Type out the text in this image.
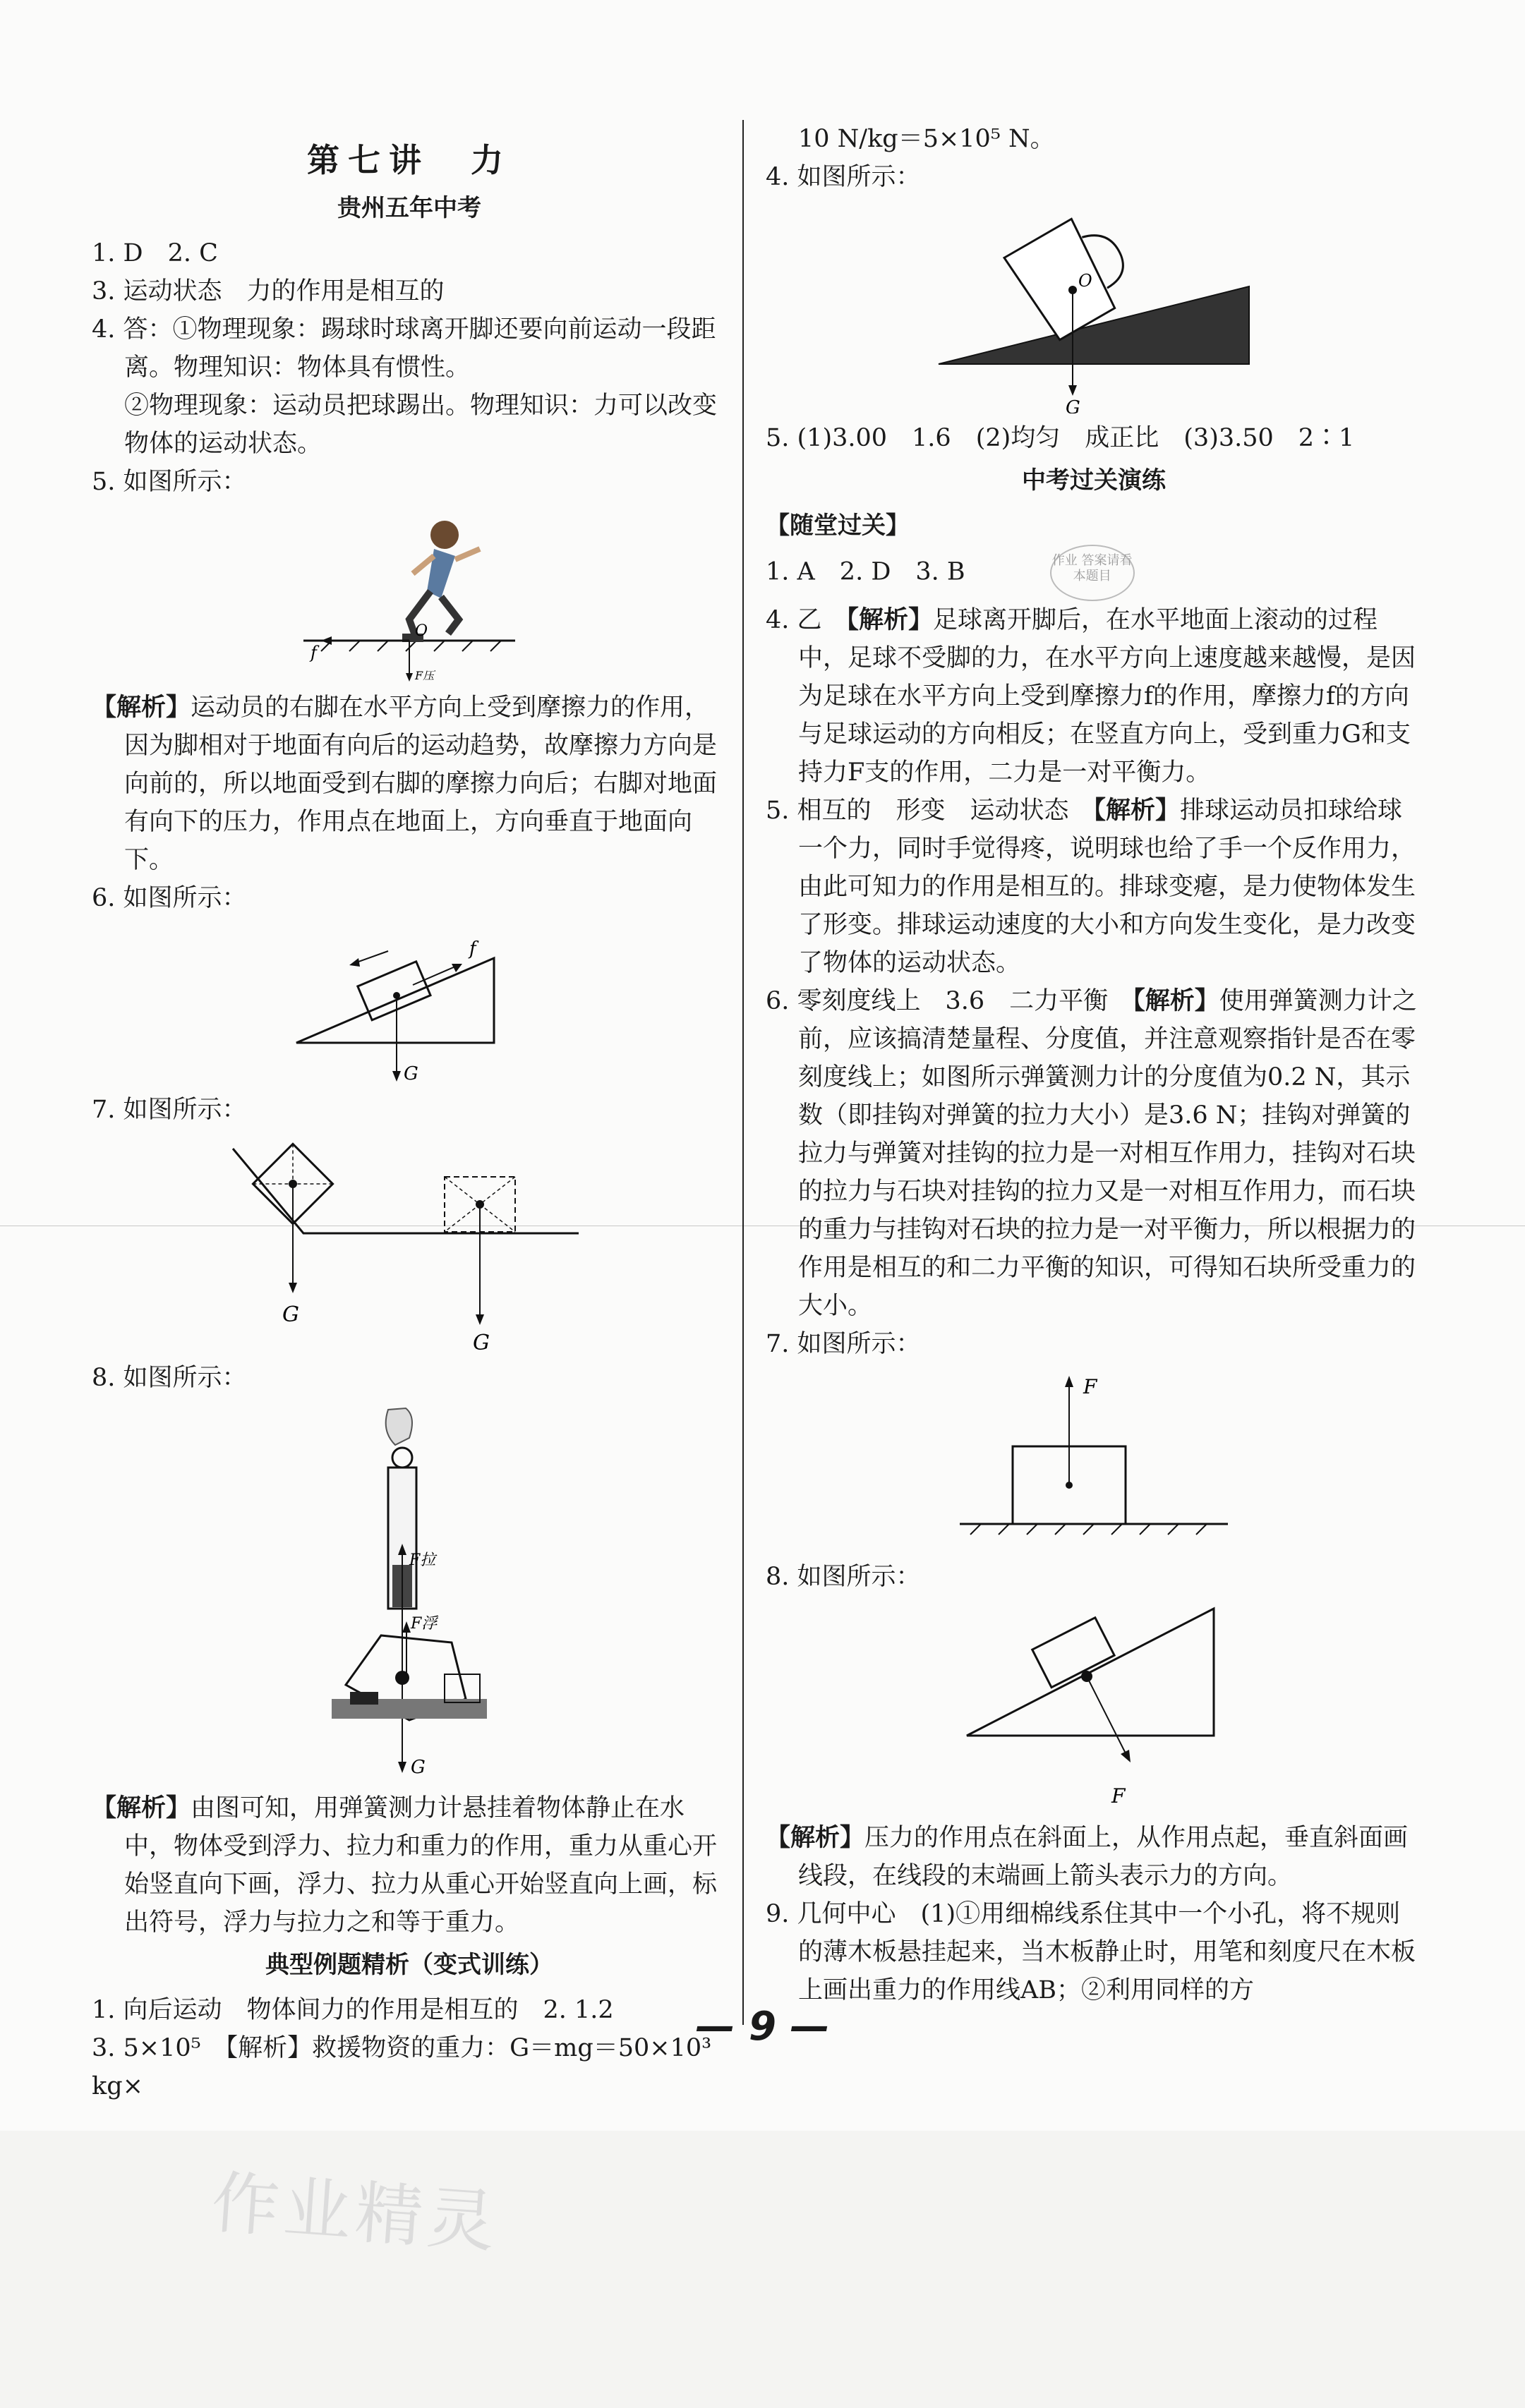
第七讲　力
贵州五年中考

1. D　2. C

3. 运动状态　力的作用是相互的

4. 答：①物理现象：踢球时球离开脚还要向前运动一段距离。物理知识：物体具有惯性。

②物理现象：运动员把球踢出。物理知识：力可以改变物体的运动状态。

5. 如图所示：

O
f
F压

【解析】运动员的右脚在水平方向上受到摩擦力的作用，因为脚相对于地面有向后的运动趋势，故摩擦力方向是向前的，所以地面受到右脚的摩擦力向后；右脚对地面有向下的压力，作用点在地面上，方向垂直于地面向下。

6. 如图所示：

f
G

7. 如图所示：

G
G

8. 如图所示：

F拉
F浮
G

【解析】由图可知，用弹簧测力计悬挂着物体静止在水中，物体受到浮力、拉力和重力的作用，重力从重心开始竖直向下画，浮力、拉力从重心开始竖直向上画，标出符号，浮力与拉力之和等于重力。

典型例题精析（变式训练）

1. 向后运动　物体间力的作用是相互的　2. 1.2

3. 5×10⁵　【解析】救援物资的重力：G＝mg＝50×10³ kg×

10 N/kg＝5×10⁵ N。

4. 如图所示：

O
G

5. (1)3.00　1.6　(2)均匀　成正比　(3)3.50　2∶1

中考过关演练

【随堂过关】

1. A　2. D　3. B	作业 答案请看本题目

4. 乙　【解析】足球离开脚后，在水平地面上滚动的过程中，足球不受脚的力，在水平方向上速度越来越慢，是因为足球在水平方向上受到摩擦力f的作用，摩擦力f的方向与足球运动的方向相反；在竖直方向上，受到重力G和支持力F支的作用，二力是一对平衡力。

5. 相互的　形变　运动状态　【解析】排球运动员扣球给球一个力，同时手觉得疼，说明球也给了手一个反作用力，由此可知力的作用是相互的。排球变瘪，是力使物体发生了形变。排球运动速度的大小和方向发生变化，是力改变了物体的运动状态。

6. 零刻度线上　3.6　二力平衡　【解析】使用弹簧测力计之前，应该搞清楚量程、分度值，并注意观察指针是否在零刻度线上；如图所示弹簧测力计的分度值为0.2 N，其示数（即挂钩对弹簧的拉力大小）是3.6 N；挂钩对弹簧的拉力与弹簧对挂钩的拉力是一对相互作用力，挂钩对石块的拉力与石块对挂钩的拉力又是一对相互作用力，而石块的重力与挂钩对石块的拉力是一对平衡力，所以根据力的作用是相互的和二力平衡的知识，可得知石块所受重力的大小。

7. 如图所示：

F

8. 如图所示：

F

【解析】压力的作用点在斜面上，从作用点起，垂直斜面画线段，在线段的末端画上箭头表示力的方向。

9. 几何中心　(1)①用细棉线系住其中一个小孔，将不规则的薄木板悬挂起来，当木板静止时，用笔和刻度尺在木板上画出重力的作用线AB；②利用同样的方

— 9 —
作业精灵
